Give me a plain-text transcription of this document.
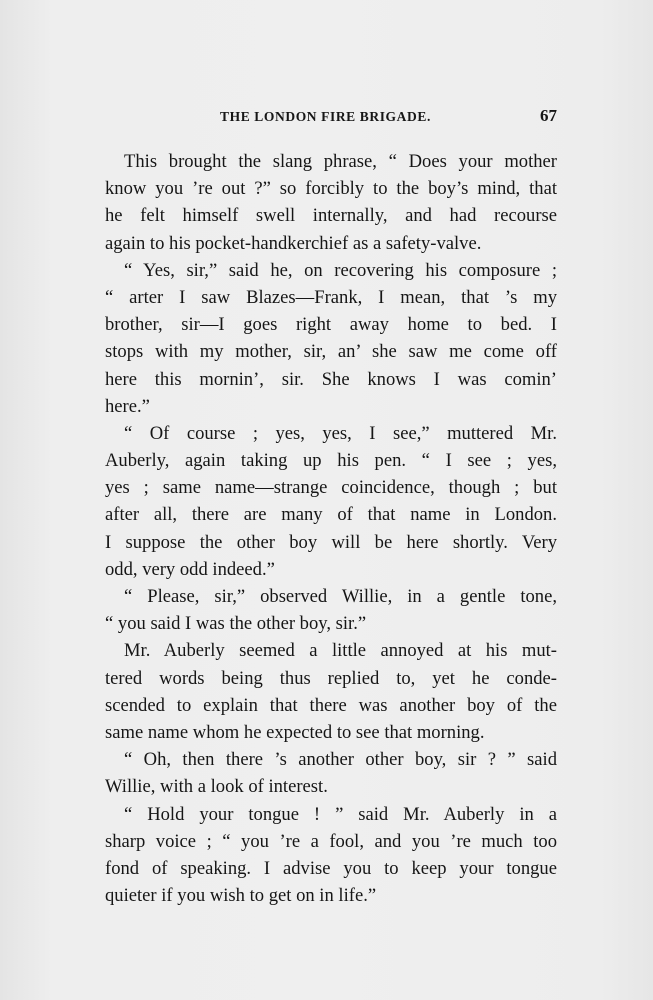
THE LONDON FIRE BRIGADE.	67
This brought the slang phrase, “ Does your mother
know you ’re out ?” so forcibly to the boy’s mind, that
he felt himself swell internally, and had recourse
again to his pocket-handkerchief as a safety-valve.
“ Yes, sir,” said he, on recovering his composure ;
“ arter I saw Blazes—Frank, I mean, that ’s my
brother, sir—I goes right away home to bed. I
stops with my mother, sir, an’ she saw me come off
here this mornin’, sir. She knows I was comin’
here.”
“ Of course ; yes, yes, I see,” muttered Mr.
Auberly, again taking up his pen. “ I see ; yes,
yes ; same name—strange coincidence, though ; but
after all, there are many of that name in London.
I suppose the other boy will be here shortly. Very
odd, very odd indeed.”
“ Please, sir,” observed Willie, in a gentle tone,
“ you said I was the other boy, sir.”
Mr. Auberly seemed a little annoyed at his mut-
tered words being thus replied to, yet he conde-
scended to explain that there was another boy of the
same name whom he expected to see that morning.
“ Oh, then there ’s another other boy, sir ? ” said
Willie, with a look of interest.
“ Hold your tongue ! ” said Mr. Auberly in a
sharp voice ; “ you ’re a fool, and you ’re much too
fond of speaking. I advise you to keep your tongue
quieter if you wish to get on in life.”
